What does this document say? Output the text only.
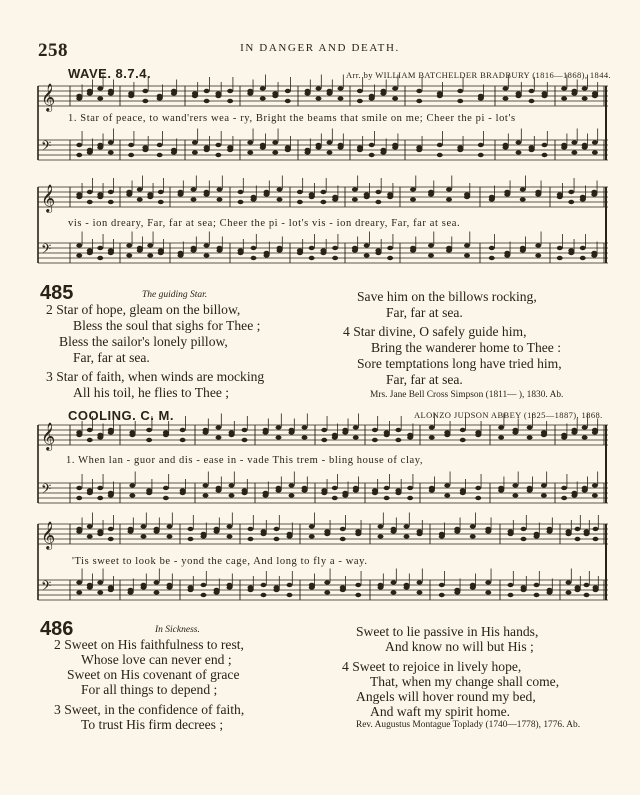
258	IN DANGER AND DEATH.
WAVE. 8.7.4.	Arr. by WILLIAM BATCHELDER BRADBURY (1816—1868), 1844.
𝄞
𝄢
𝄞
𝄢
𝄞
𝄢
𝄞
𝄢
1. Star of peace, to wand'rers wea - ry, Bright the beams that smile on me; Cheer the pi - lot's
vis - ion dreary, Far, far at sea; Cheer the pi - lot's vis - ion dreary, Far, far at sea.
485	The guiding Star.
2 Star of hope, gleam on the billow,
Bless the soul that sighs for Thee ;
Bless the sailor's lonely pillow,
Far, far at sea.
3 Star of faith, when winds are mocking
All his toil, he flies to Thee ;
Save him on the billows rocking,
Far, far at sea.
4 Star divine, O safely guide him,
Bring the wanderer home to Thee :
Sore temptations long have tried him,
Far, far at sea.
Mrs. Jane Bell Cross Simpson (1811— ), 1830. Ab.
COOLING. C. M.	ALONZO JUDSON ABBEY (1825—1887), 1868.
1. When lan - guor and dis - ease in - vade This trem - bling house of clay,
'Tis sweet to look be - yond the cage, And long to fly a - way.
486	In Sickness.
2 Sweet on His faithfulness to rest,
Whose love can never end ;
Sweet on His covenant of grace
For all things to depend ;
3 Sweet, in the confidence of faith,
To trust His firm decrees ;
Sweet to lie passive in His hands,
And know no will but His ;
4 Sweet to rejoice in lively hope,
That, when my change shall come,
Angels will hover round my bed,
And waft my spirit home.
Rev. Augustus Montague Toplady (1740—1778), 1776. Ab.
